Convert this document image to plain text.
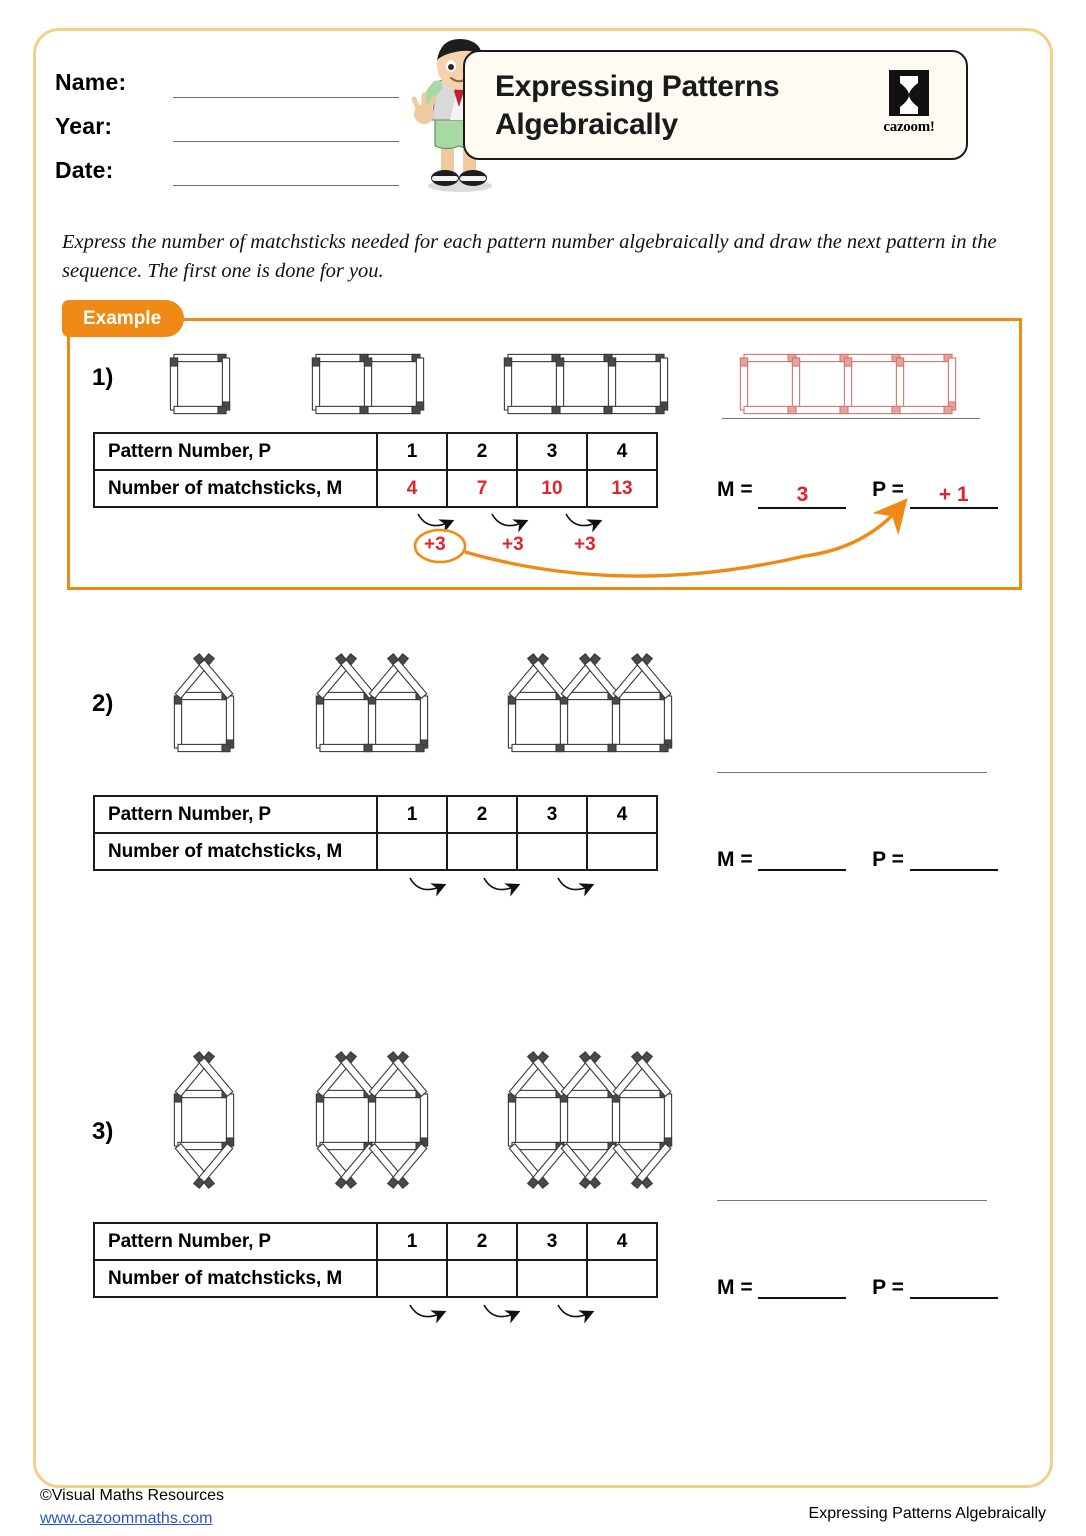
Name:
Year:
Date:
Expressing Patterns
Algebraically	cazoom!
Express the number of matchsticks needed for each pattern number algebraically and draw the next pattern in the sequence. The first one is done for you.
Example
1)
Pattern Number, P	1	2	3	4
Number of matchsticks, M	4	7	10	13
+3	+3	+3
M = 3	P = + 1
2)
Pattern Number, P	1	2	3	4
Number of matchsticks, M					M =	P =
3)
Pattern Number, P	1	2	3	4
Number of matchsticks, M					M =	P =
©Visual Maths Resources
www.cazoommaths.com	Expressing Patterns Algebraically
